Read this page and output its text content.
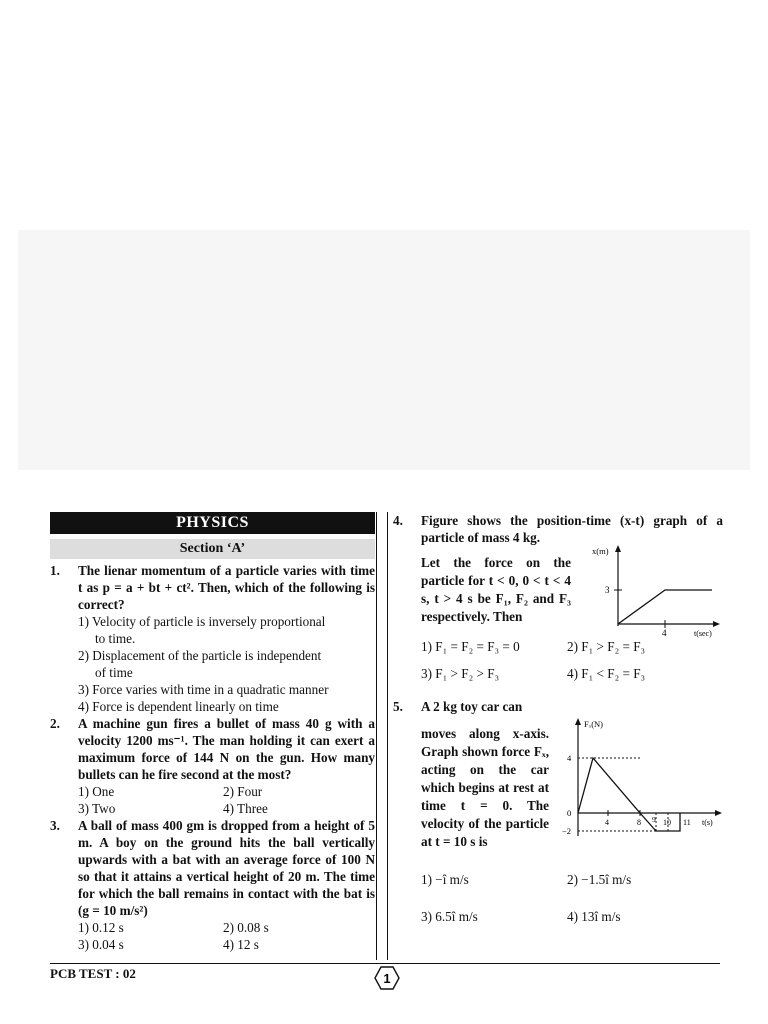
PHYSICS
Section ‘A’
1. The lienar momentum of a particle varies with time t as p = a + bt + ct². Then, which of the following is correct?
1) Velocity of particle is inversely proportional
to time.
2) Displacement of the particle is independent
of time
3) Force varies with time in a quadratic manner
4) Force is dependent linearly on time
2. A machine gun fires a bullet of mass 40 g with a velocity 1200 ms⁻¹. The man holding it can exert a maximum force of 144 N on the gun. How many bullets can he fire second at the most?
1) One	2) Four
3) Two	4) Three
3. A ball of mass 400 gm is dropped from a height of 5 m. A boy on the ground hits the ball vertically upwards with a bat with an average force of 100 N so that it attains a vertical height of 20 m. The time for which the ball remains in contact with the bat is (g = 10 m/s²)
1) 0.12 s	2) 0.08 s
3) 0.04 s	4) 12 s
4. Figure shows the position-time (x-t) graph of a particle of mass 4 kg.
Let the force on the particle for t < 0, 0 < t < 4 s, t > 4 s be F₁, F₂ and F₃ respectively. Then
1) F₁ = F₂ = F₃ = 0	2) F₁ > F₂ = F₃
3) F₁ > F₂ > F₃	4) F₁ < F₂ = F₃
5. A 2 kg toy car can
moves along x-axis. Graph shown force Fₓ, acting on the car which begins at rest at time t = 0. The velocity of the particle at t = 10 s is
1) −î m/s	2) −1.5î m/s
3) 6.5î m/s	4) 13î m/s
x(m)
3
4	t(sec)
Fₓ(N)
4
0
−2
4	8 9 10 11 t(s)
PCB TEST : 02	1
